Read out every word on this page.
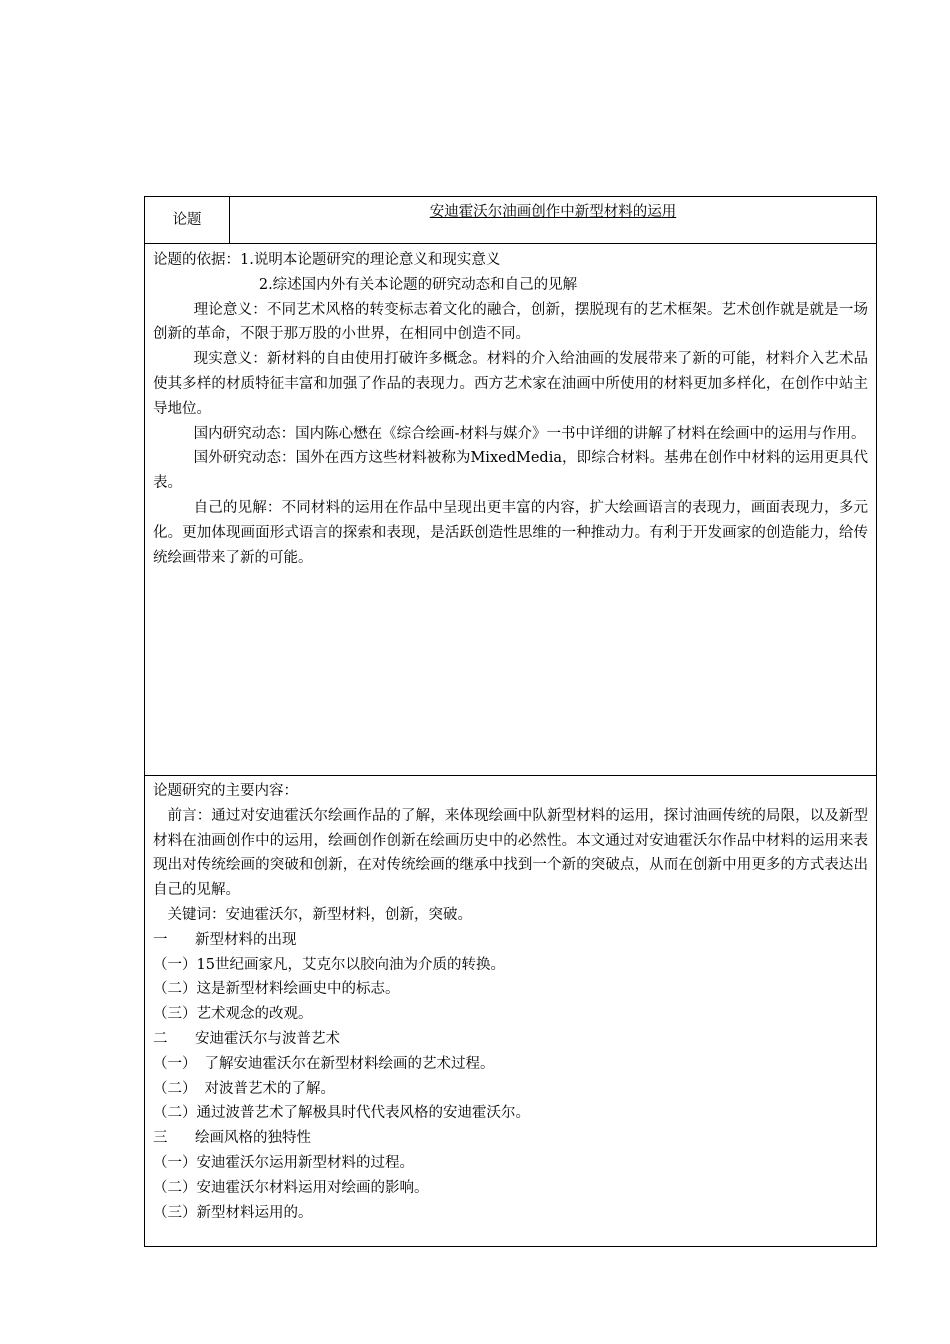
论题	安迪霍沃尔油画创作中新型材料的运用

论题的依据：1.说明本论题研究的理论意义和现实意义

2.综述国内外有关本论题的研究动态和自己的见解

理论意义：不同艺术风格的转变标志着文化的融合，创新，摆脱现有的艺术框架。艺术创作就是就是一场创新的革命，不限于那万股的小世界，在相同中创造不同。

现实意义：新材料的自由使用打破许多概念。材料的介入给油画的发展带来了新的可能，材料介入艺术品使其多样的材质特征丰富和加强了作品的表现力。西方艺术家在油画中所使用的材料更加多样化，在创作中站主导地位。

国内研究动态：国内陈心懋在《综合绘画-材料与媒介》一书中详细的讲解了材料在绘画中的运用与作用。

国外研究动态：国外在西方这些材料被称为MixedMedia，即综合材料。基弗在创作中材料的运用更具代表。

自己的见解：不同材料的运用在作品中呈现出更丰富的内容，扩大绘画语言的表现力，画面表现力，多元化。更加体现画面形式语言的探索和表现，是活跃创造性思维的一种推动力。有利于开发画家的创造能力，给传统绘画带来了新的可能。

论题研究的主要内容：

前言：通过对安迪霍沃尔绘画作品的了解，来体现绘画中队新型材料的运用，探讨油画传统的局限，以及新型材料在油画创作中的运用，绘画创作创新在绘画历史中的必然性。本文通过对安迪霍沃尔作品中材料的运用来表现出对传统绘画的突破和创新，在对传统绘画的继承中找到一个新的突破点，从而在创新中用更多的方式表达出自己的见解。

关键词：安迪霍沃尔，新型材料，创新，突破。

一 新型材料的出现

（一）15世纪画家凡，艾克尔以胶向油为介质的转换。

（二）这是新型材料绘画史中的标志。

（三）艺术观念的改观。

二 安迪霍沃尔与波普艺术

（一） 了解安迪霍沃尔在新型材料绘画的艺术过程。

（二） 对波普艺术的了解。

（二）通过波普艺术了解极具时代代表风格的安迪霍沃尔。

三 绘画风格的独特性

（一）安迪霍沃尔运用新型材料的过程。

（二）安迪霍沃尔材料运用对绘画的影响。

（三）新型材料运用的。
